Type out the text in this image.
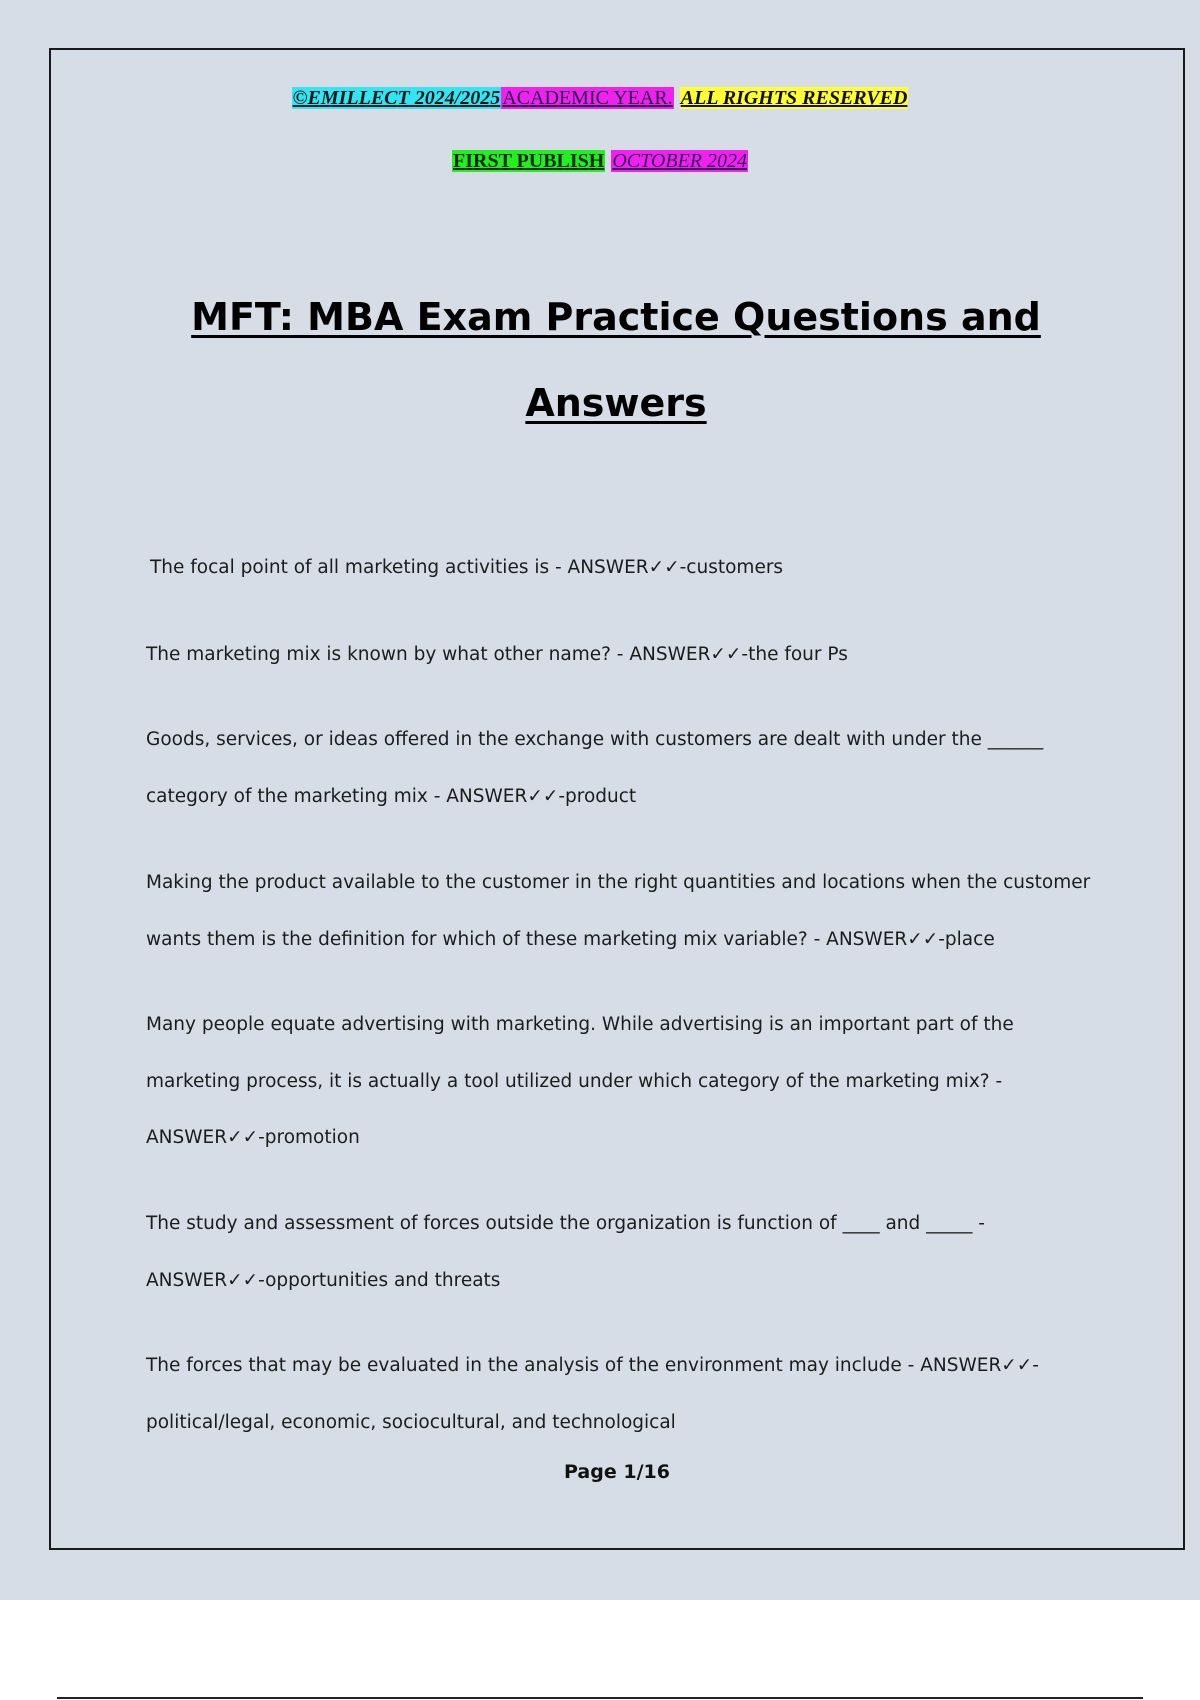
©EMILLECT 2024/2025 ACADEMIC YEAR. ALL RIGHTS RESERVED
FIRST PUBLISH OCTOBER 2024
MFT: MBA Exam Practice Questions and
Answers

The focal point of all marketing activities is - ANSWER✓✓-customers

The marketing mix is known by what other name? - ANSWER✓✓-the four Ps

Goods, services, or ideas offered in the exchange with customers are dealt with under the ______ category of the marketing mix - ANSWER✓✓-product

Making the product available to the customer in the right quantities and locations when the customer wants them is the definition for which of these marketing mix variable? - ANSWER✓✓-place

Many people equate advertising with marketing. While advertising is an important part of the marketing process, it is actually a tool utilized under which category of the marketing mix? - ANSWER✓✓-promotion

The study and assessment of forces outside the organization is function of ____ and _____ - ANSWER✓✓-opportunities and threats

The forces that may be evaluated in the analysis of the environment may include - ANSWER✓✓-political/legal, economic, sociocultural, and technological

Page 1/16
